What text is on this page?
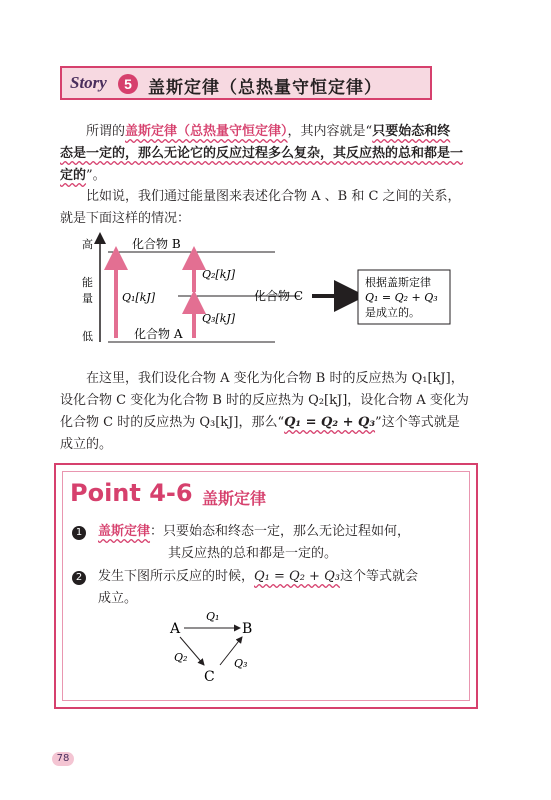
Story	5 盖斯定律（总热量守恒定律）
所谓的盖斯定律（总热量守恒定律），其内容就是“只要始态和终
态是一定的，那么无论它的反应过程多么复杂，其反应热的总和都是一
定的”。
比如说，我们通过能量图来表述化合物 A 、B 和 C 之间的关系，
就是下面这样的情况：
高
能
量
低
化合物 B
化合物 A
化合物 C
Q₁[kJ]
Q₂[kJ]
Q₃[kJ]
根据盖斯定律
Q₁ = Q₂ + Q₃
是成立的。
在这里，我们设化合物 A 变化为化合物 B 时的反应热为 Q₁[kJ]，
设化合物 C 变化为化合物 B 时的反应热为 Q₂[kJ]，设化合物 A 变化为
化合物 C 时的反应热为 Q₃[kJ]，那么“Q₁ = Q₂ + Q₃”这个等式就是
成立的。
Point 4-6 盖斯定律
1 盖斯定律：只要始态和终态一定，那么无论过程如何，
其反应热的总和都是一定的。
2 发生下图所示反应的时候，Q₁ = Q₂ + Q₃这个等式就会
成立。
A	B
C
Q₁
Q₂	Q₃
78
